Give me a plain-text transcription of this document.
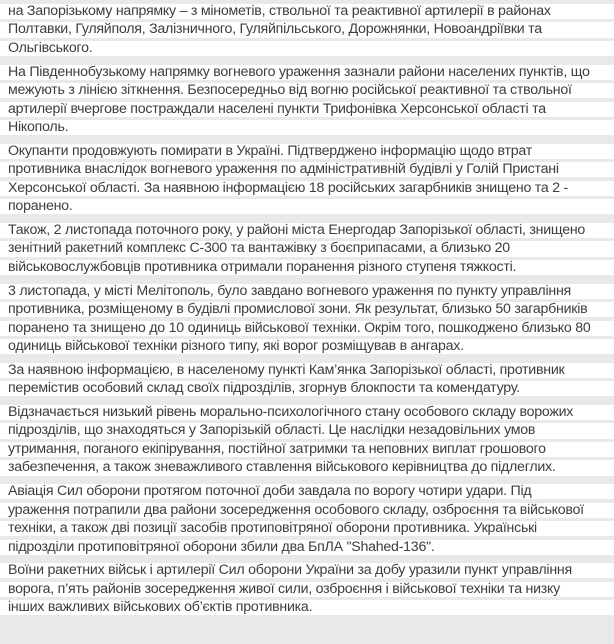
на Запорізькому напрямку – з мінометів, ствольної та реактивної артилерії в районах
Полтавки, Гуляйполя, Залізничного, Гуляйпільського, Дорожнянки, Новоандріївки та
Ольгівського.

На Південнобузькому напрямку вогневого ураження зазнали райони населених пунктів, що
межують з лінією зіткнення. Безпосередньо від вогню російської реактивної та ствольної
артилерії вчергове постраждали населені пункти Трифонівка Херсонської області та
Нікополь.

Окупанти продовжують помирати в Україні. Підтверджено інформацію щодо втрат
противника внаслідок вогневого ураження по адміністративній будівлі у Голій Пристані
Херсонської області. За наявною інформацією 18 російських загарбників знищено та 2 -
поранено.

Також, 2 листопада поточного року, у районі міста Енергодар Запорізької області, знищено
зенітний ракетний комплекс С-300 та вантажівку з боєприпасами, а близько 20
військовослужбовців противника отримали поранення різного ступеня тяжкості.

3 листопада, у місті Мелітополь, було завдано вогневого ураження по пункту управління
противника, розміщеному в будівлі промислової зони. Як результат, близько 50 загарбників
поранено та знищено до 10 одиниць військової техніки. Окрім того, пошкоджено близько 80
одиниць військової техніки різного типу, які ворог розміщував в ангарах.

За наявною інформацією, в населеному пункті Кам’янка Запорізької області, противник
перемістив особовий склад своїх підрозділів, згорнув блокпости та комендатуру.

Відзначається низький рівень морально-психологічного стану особового складу ворожих
підрозділів, що знаходяться у Запорізькій області. Це наслідки незадовільних умов
утримання, поганого екіпірування, постійної затримки та неповних виплат грошового
забезпечення, а також зневажливого ставлення військового керівництва до підлеглих.

Авіація Сил оборони протягом поточної доби завдала по ворогу чотири удари. Під
ураження потрапили два райони зосередження особового складу, озброєння та військової
техніки, а також дві позиції засобів протиповітряної оборони противника. Українські
підрозділи протиповітряної оборони збили два БпЛА "Shahed-136".

Воїни ракетних військ і артилерії Сил оборони України за добу уразили пункт управління
ворога, п’ять районів зосередження живої сили, озброєння і військової техніки та низку
інших важливих військових об’єктів противника.
